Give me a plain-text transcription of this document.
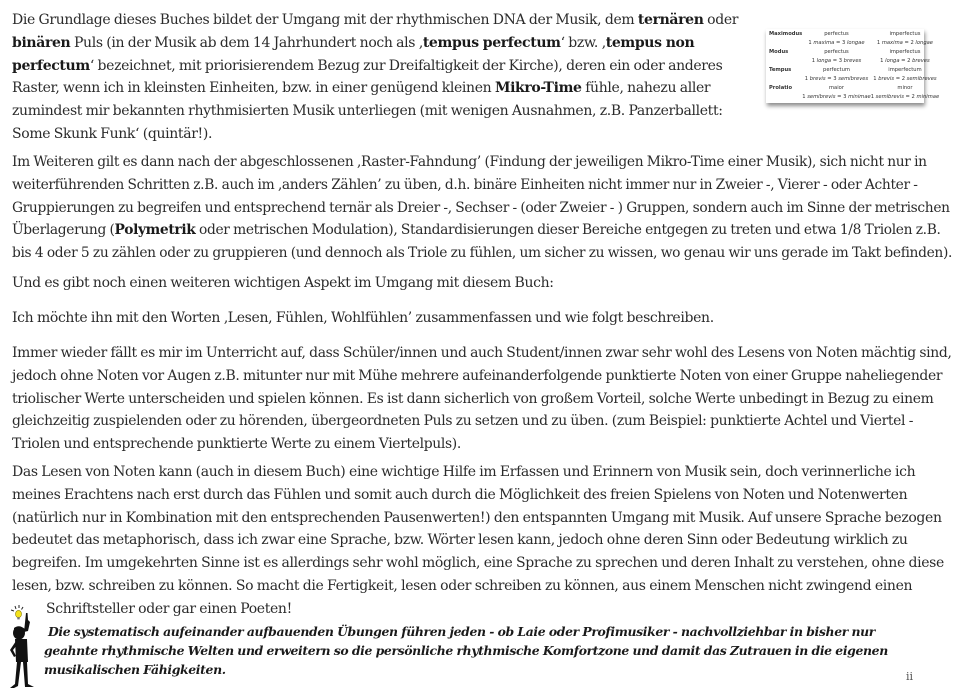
Die Grundlage dieses Buches bildet der Umgang mit der rhythmischen DNA der Musik, dem ternären oder
binären Puls (in der Musik ab dem 14 Jahrhundert noch als ‚tempus perfectum‘ bzw. ‚tempus non
perfectum‘ bezeichnet, mit priorisierendem Bezug zur Dreifaltigkeit der Kirche), deren ein oder anderes
Raster, wenn ich in kleinsten Einheiten, bzw. in einer genügend kleinen Mikro-Time fühle, nahezu aller
zumindest mir bekannten rhythmisierten Musik unterliegen (mit wenigen Ausnahmen, z.B. Panzerballett:
Some Skunk Funk‘ (quintär!).

Maximodus	perfectus	imperfectus
	1 maxima = 3 longae	1 maxima = 2 longae
Modus	perfectus	imperfectus
	1 longa = 3 breves	1 longa = 2 breves
Tempus	perfectum	imperfectum
	1 brevis = 3 semibreves	1 brevis = 2 semibreves
Prolatio	maior	minor
	1 semibrevis = 3 minimae	1 semibrevis = 2 minimae

Im Weiteren gilt es dann nach der abgeschlossenen ‚Raster-Fahndung’ (Findung der jeweiligen Mikro-Time einer Musik), sich nicht nur in
weiterführenden Schritten z.B. auch im ‚anders Zählen’ zu üben, d.h. binäre Einheiten nicht immer nur in Zweier -, Vierer - oder Achter -
Gruppierungen zu begreifen und entsprechend ternär als Dreier -, Sechser - (oder Zweier - ) Gruppen, sondern auch im Sinne der metrischen
Überlagerung (Polymetrik oder metrischen Modulation), Standardisierungen dieser Bereiche entgegen zu treten und etwa 1/8 Triolen z.B.
bis 4 oder 5 zu zählen oder zu gruppieren (und dennoch als Triole zu fühlen, um sicher zu wissen, wo genau wir uns gerade im Takt befinden).

Und es gibt noch einen weiteren wichtigen Aspekt im Umgang mit diesem Buch:

Ich möchte ihn mit den Worten ‚Lesen, Fühlen, Wohlfühlen’ zusammenfassen und wie folgt beschreiben.

Immer wieder fällt es mir im Unterricht auf, dass Schüler/innen und auch Student/innen zwar sehr wohl des Lesens von Noten mächtig sind,
jedoch ohne Noten vor Augen z.B. mitunter nur mit Mühe mehrere aufeinanderfolgende punktierte Noten von einer Gruppe naheliegender
triolischer Werte unterscheiden und spielen können. Es ist dann sicherlich von großem Vorteil, solche Werte unbedingt in Bezug zu einem
gleichzeitig zuspielenden oder zu hörenden, übergeordneten Puls zu setzen und zu üben. (zum Beispiel: punktierte Achtel und Viertel -
Triolen und entsprechende punktierte Werte zu einem Viertelpuls).

Das Lesen von Noten kann (auch in diesem Buch) eine wichtige Hilfe im Erfassen und Erinnern von Musik sein, doch verinnerliche ich
meines Erachtens nach erst durch das Fühlen und somit auch durch die Möglichkeit des freien Spielens von Noten und Notenwerten
(natürlich nur in Kombination mit den entsprechenden Pausenwerten!) den entspannten Umgang mit Musik. Auf unsere Sprache bezogen
bedeutet das metaphorisch, dass ich zwar eine Sprache, bzw. Wörter lesen kann, jedoch ohne deren Sinn oder Bedeutung wirklich zu
begreifen. Im umgekehrten Sinne ist es allerdings sehr wohl möglich, eine Sprache zu sprechen und deren Inhalt zu verstehen, ohne diese
lesen, bzw. schreiben zu können. So macht die Fertigkeit, lesen oder schreiben zu können, aus einem Menschen nicht zwingend einen
Schriftsteller oder gar einen Poeten!

Die systematisch aufeinander aufbauenden Übungen führen jeden - ob Laie oder Profimusiker - nachvollziehbar in bisher nur
geahnte rhythmische Welten und erweitern so die persönliche rhythmische Komfortzone und damit das Zutrauen in die eigenen
musikalischen Fähigkeiten.	ii
